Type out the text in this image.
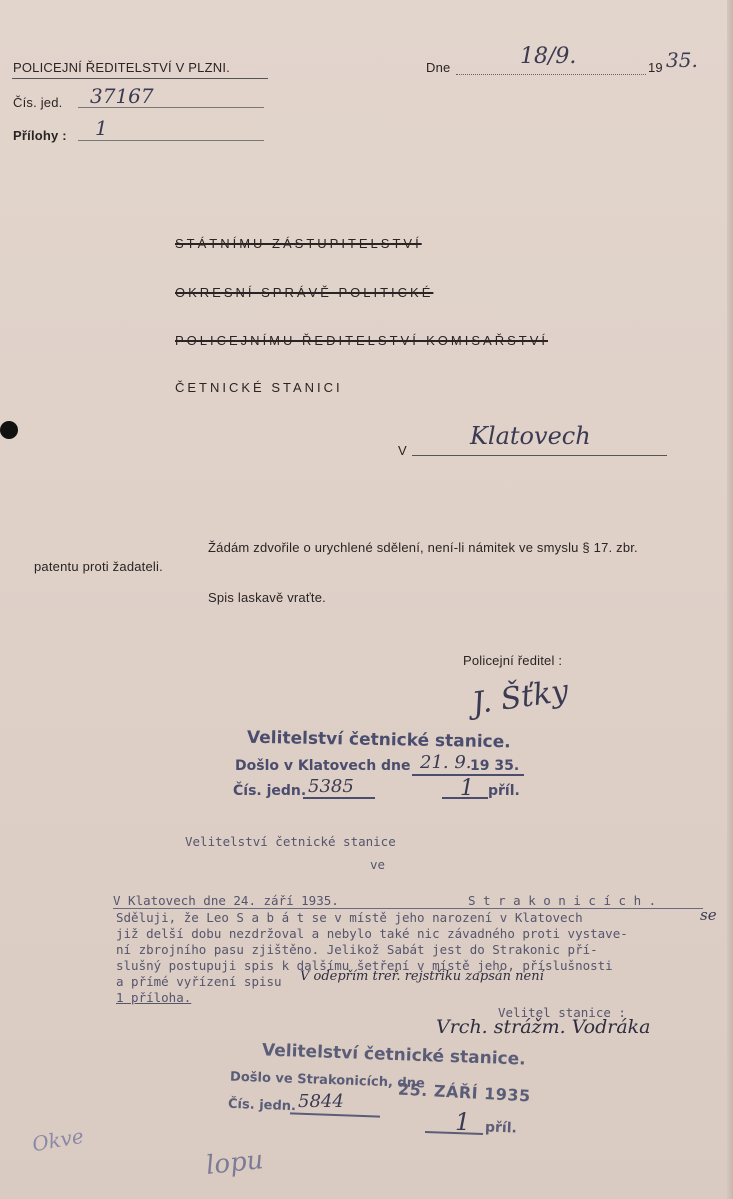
POLICEJNÍ ŘEDITELSTVÍ V PLZNI.	Dne	18/9.	19 35.
Čís. jed. 37167
Přílohy : 1
STÁTNÍMU ZÁSTUPITELSTVÍ
OKRESNÍ SPRÁVĚ POLITICKÉ
POLICEJNÍMU ŘEDITELSTVÍ-KOMISAŘSTVÍ
ČETNICKÉ STANICI
V
Klatovech
Žádám zdvořile o urychlené sdělení, není-li námitek ve smyslu § 17. zbr.
patentu proti žadateli.
Spis laskavě vraťte.
Policejní ředitel :
J. Šťky
Velitelství četnické stanice.
Došlo v Klatovech dne 21. 9.
19 35.
Čís. jedn. 5385	1 příl.
Velitelství četnické stanice
ve
V Klatovech dne 24. září 1935.	S t r a k o n i c í c h .
Sděluji, že Leo S a b á t se v místě jeho narození v Klatovech	se
již delší dobu nezdržoval a nebylo také nic závadného proti vystave-
ní zbrojního pasu zjištěno. Jelikož Sabát jest do Strakonic pří-
slušný postupuji spis k dalšímu šetření v místě jeho, příslušnosti
a přímé vyřízení spisu V odepřím treř. rejstřiku zapsán není
1 příloha.
Velitel stanice :
Vrch. strážm. Vodráka
Velitelství četnické stanice.
Došlo ve Strakonicích, dne
25. ZÁŘÍ 1935
Čís. jedn. 5844
1 příl.
Okve
lopu
